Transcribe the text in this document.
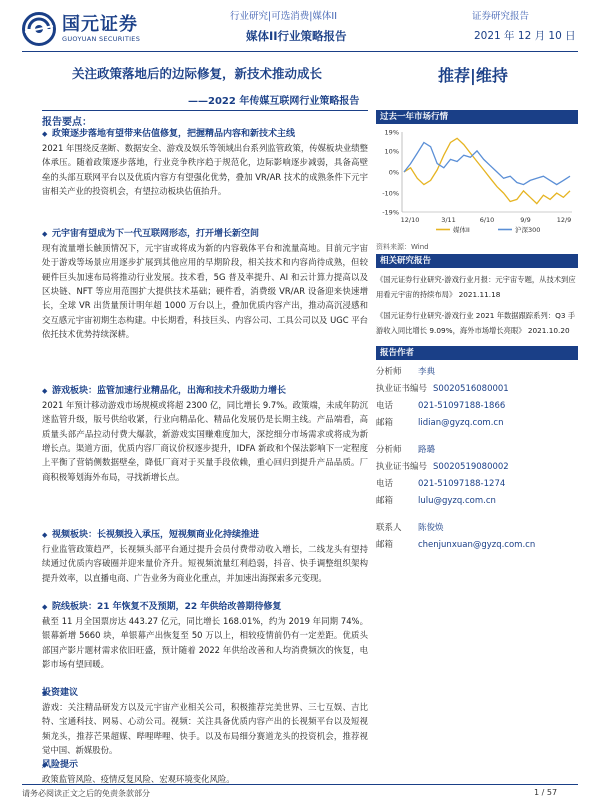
国元证券
GUOYUAN SECURITIES
行业研究|可选消费|媒体II	证券研究报告
媒体II行业策略报告	2021 年 12 月 10 日
关注政策落地后的边际修复，新技术推动成长
——2022 年传媒互联网行业策略报告
推荐|维持
报告要点：
◆ 政策逐步落地有望带来估值修复，把握精品内容和新技术主线
2021 年围绕反垄断、数据安全、游戏及娱乐等领域出台系列监管政策，传媒板块业绩整体承压。随着政策逐步落地，行业竞争秩序趋于规范化，边际影响逐步减弱，具备高壁垒的头部互联网平台以及优质内容方有望强化优势，叠加 VR/AR 技术的成熟条件下元宇宙相关产业的投资机会，有望拉动板块估值抬升。
◆ 元宇宙有望成为下一代互联网形态，打开增长新空间
现有流量增长触顶情况下，元宇宙或将成为新的内容载体平台和流量高地。目前元宇宙处于游戏等场景应用逐步扩展到其他应用的早期阶段，相关技术和内容尚待成熟，但较硬件巨头加速布局将推动行业发展。技术看，5G 普及率提升、AI 和云计算力提高以及区块链、NFT 等应用范围扩大提供技术基础；硬件看，消费级 VR/AR 设备迎来快速增长，全球 VR 出货量预计明年超 1000 万台以上，叠加优质内容产出，推动高沉浸感和交互感元宇宙初期生态构建。中长期看，科技巨头、内容公司、工具公司以及 UGC 平台依托技术优势持续深耕。
◆ 游戏板块：监管加速行业精品化，出海和技术升级助力增长
2021 年预计移动游戏市场规模或将超 2300 亿，同比增长 9.7%。政策端，未成年防沉迷监管升级，版号供给收紧，行业向精品化、精品化发展仍是长期主线。产品端看，高质量头部产品拉动付费大爆款，新游戏实国赚难度加大，深挖细分市场需求或将成为新增长点。渠道方面，优质内容厂商议价权逐步提升，IDFA 新政和个保法影响下一定程度上平衡了营销侧数据壁垒，降低厂商对于买量手段依赖，重心回归到提升产品品质。厂商积极筹划海外布局，寻找新增长点。
◆ 视频板块：长视频投入承压，短视频商业化持续推进
行业监管政策趋严，长视频头部平台通过提升会员付费带动收入增长，二线龙头有望持续通过优质内容破圈并迎来量价齐升。短视频流量红利趋弱，抖音、快手调整组织架构提升效率，以直播电商、广告业务为商业化重点，并加速出海探索多元变现。
◆ 院线板块：21 年恢复不及预期，22 年供给改善期待修复
截至 11 月全国票房达 443.27 亿元，同比增长 168.01%，约为 2019 年同期 74%。银幕新增 5660 块，单银幕产出恢复至 50 万以上，相较疫情前仍有一定差距。优质头部国产影片题材需求依旧旺盛，预计随着 2022 年供给改善和人均消费频次的恢复，电影市场有望回暖。
◆ 投资建议
游戏：关注精品研发方以及元宇宙产业相关公司，积极推荐完美世界、三七互娱、吉比特、宝通科技、网易、心动公司。视频：关注具备优质内容产出的长视频平台以及短视频龙头，推荐芒果超媒、哔哩哔哩、快手。以及布局细分赛道龙头的投资机会，推荐视觉中国、新媒股份。
◆ 风险提示
政策监管风险、疫情反复风险、宏观环境变化风险。
过去一年市场行情
19%
10%
0%
-10%
-19%
12/10	3/11	6/10	9/9	12/9
媒体II	沪深300
资料来源：Wind
相关研究报告
《国元证券行业研究-游戏行业月报：元宇宙专题，从技术到应用看元宇宙的持续布局》 2021.11.18
《国元证券行业研究-游戏行业 2021 年数据跟踪系列：Q3 手游收入同比增长 9.09%，海外市场增长亮眼》 2021.10.20
报告作者
分析师	李典
执业证书编号 S0020516080001
电话	021-51097188-1866
邮箱	lidian@gyzq.com.cn
分析师	路璐
执业证书编号 S0020519080002
电话	021-51097188-1274
邮箱	lulu@gyzq.com.cn
联系人	陈俊焕
邮箱	chenjunxuan@gyzq.com.cn
请务必阅读正文之后的免责条款部分	1 / 57
